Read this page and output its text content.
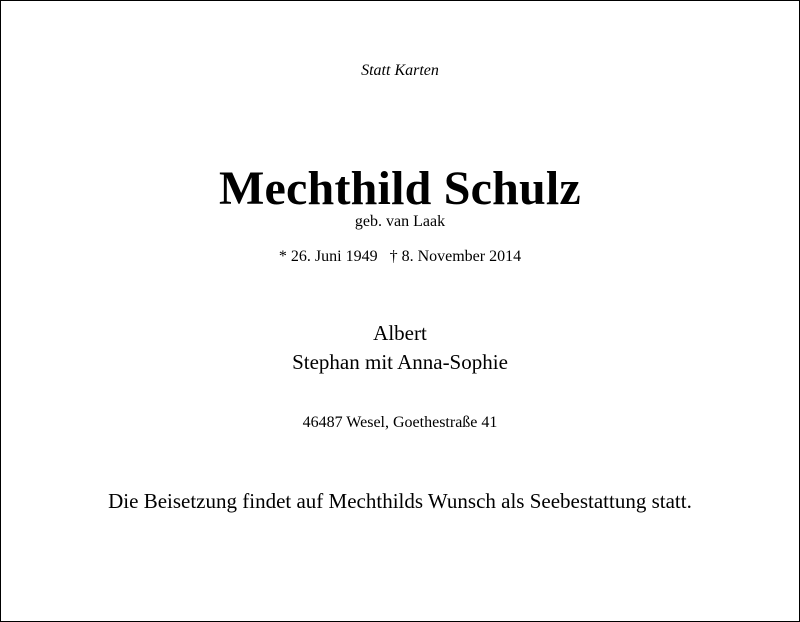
Statt Karten
Mechthild Schulz
geb. van Laak
* 26. Juni 1949 † 8. November 2014
Albert
Stephan mit Anna-Sophie
46487 Wesel, Goethestraße 41
Die Beisetzung findet auf Mechthilds Wunsch als Seebestattung statt.
